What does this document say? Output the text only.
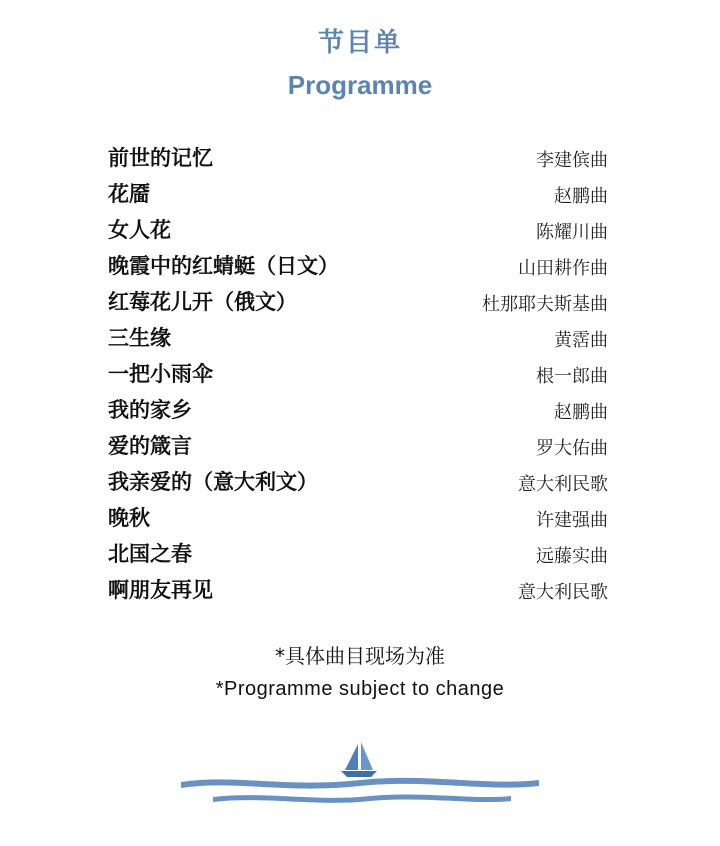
节目单
Programme
前世的记忆	李建傧曲
花靥	赵鹏曲
女人花	陈耀川曲
晚霞中的红蜻蜓（日文）	山田耕作曲
红莓花儿开（俄文）	杜那耶夫斯基曲
三生缘	黄霑曲
一把小雨伞	根一郎曲
我的家乡	赵鹏曲
爱的箴言	罗大佑曲
我亲爱的（意大利文）	意大利民歌
晚秋	许建强曲
北国之春	远藤实曲
啊朋友再见	意大利民歌
*具体曲目现场为准
*Programme subject to change
